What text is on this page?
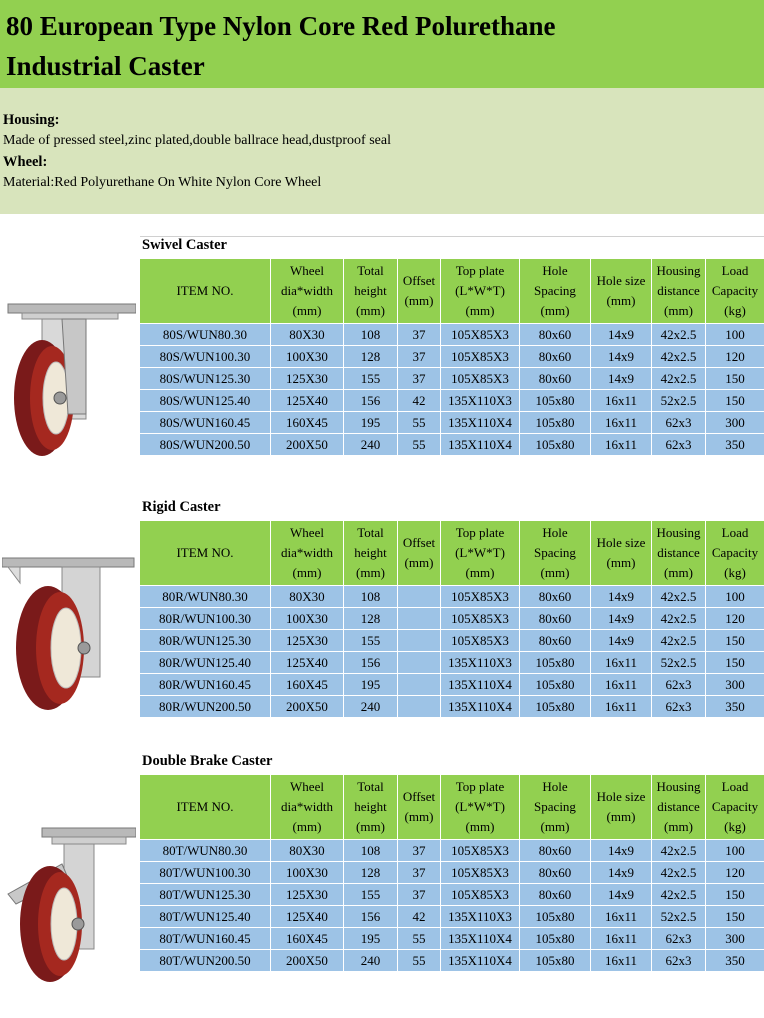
80 European Type Nylon Core Red Polurethane
Industrial Caster
Housing:
Made of pressed steel,zinc plated,double ballrace head,dustproof seal
Wheel:
Material:Red Polyurethane On White Nylon Core Wheel
Swivel Caster
ITEM NO.	Wheel
dia*width
(mm)	Total
height
(mm)	Offset
(mm)	Top plate
(L*W*T)
(mm)	Hole
Spacing
(mm)	Hole size
(mm)	Housing
distance
(mm)	Load
Capacity
(kg)
80S/WUN80.30	80X30	108	37	105X85X3	80x60	14x9	42x2.5	100
80S/WUN100.30	100X30	128	37	105X85X3	80x60	14x9	42x2.5	120
80S/WUN125.30	125X30	155	37	105X85X3	80x60	14x9	42x2.5	150
80S/WUN125.40	125X40	156	42	135X110X3	105x80	16x11	52x2.5	150
80S/WUN160.45	160X45	195	55	135X110X4	105x80	16x11	62x3	300
80S/WUN200.50	200X50	240	55	135X110X4	105x80	16x11	62x3	350
Rigid Caster
ITEM NO.	Wheel
dia*width
(mm)	Total
height
(mm)	Offset
(mm)	Top plate
(L*W*T)
(mm)	Hole
Spacing
(mm)	Hole size
(mm)	Housing
distance
(mm)	Load
Capacity
(kg)
80R/WUN80.30	80X30	108		105X85X3	80x60	14x9	42x2.5	100
80R/WUN100.30	100X30	128		105X85X3	80x60	14x9	42x2.5	120
80R/WUN125.30	125X30	155		105X85X3	80x60	14x9	42x2.5	150
80R/WUN125.40	125X40	156		135X110X3	105x80	16x11	52x2.5	150
80R/WUN160.45	160X45	195		135X110X4	105x80	16x11	62x3	300
80R/WUN200.50	200X50	240		135X110X4	105x80	16x11	62x3	350
Double Brake Caster
ITEM NO.	Wheel
dia*width
(mm)	Total
height
(mm)	Offset
(mm)	Top plate
(L*W*T)
(mm)	Hole
Spacing
(mm)	Hole size
(mm)	Housing
distance
(mm)	Load
Capacity
(kg)
80T/WUN80.30	80X30	108	37	105X85X3	80x60	14x9	42x2.5	100
80T/WUN100.30	100X30	128	37	105X85X3	80x60	14x9	42x2.5	120
80T/WUN125.30	125X30	155	37	105X85X3	80x60	14x9	42x2.5	150
80T/WUN125.40	125X40	156	42	135X110X3	105x80	16x11	52x2.5	150
80T/WUN160.45	160X45	195	55	135X110X4	105x80	16x11	62x3	300
80T/WUN200.50	200X50	240	55	135X110X4	105x80	16x11	62x3	350
